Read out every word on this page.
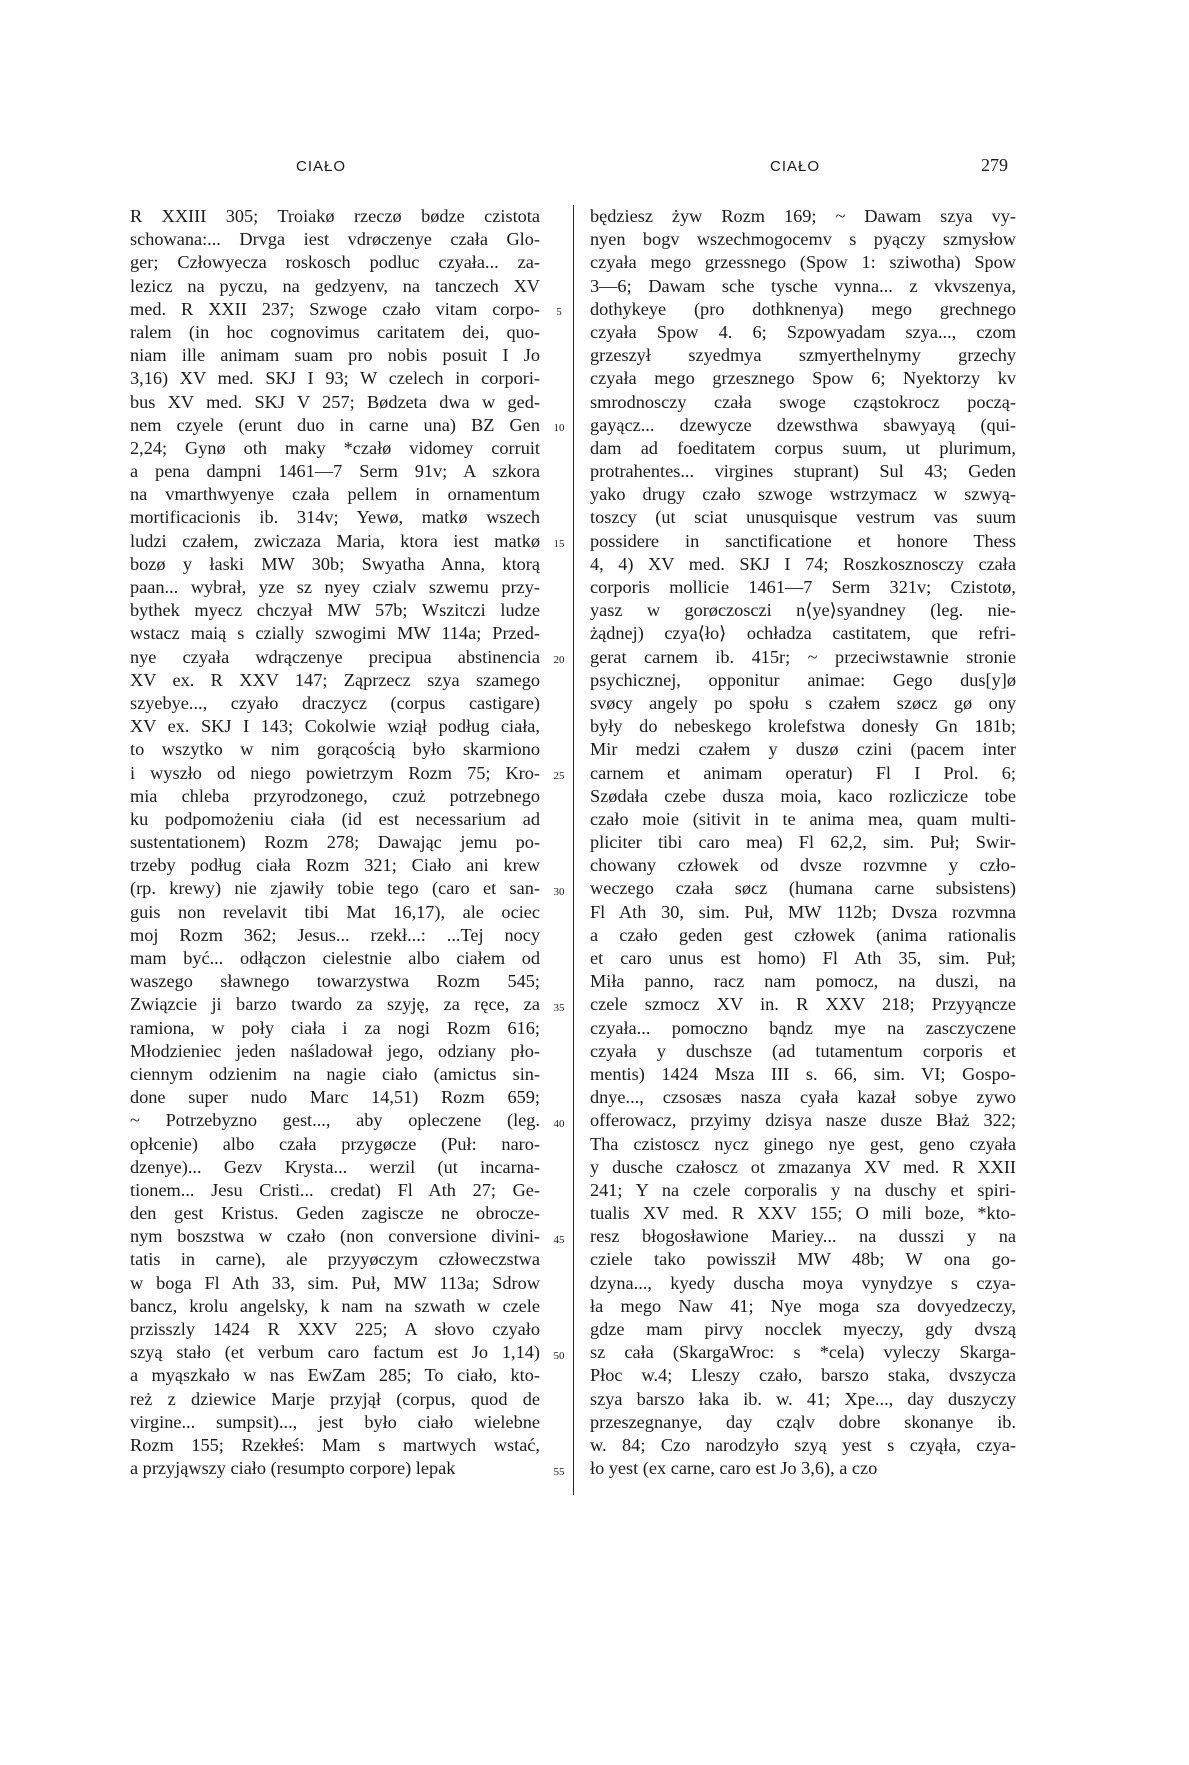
CIAŁO	CIAŁO	279
R XXIII 305; Troiakø rzeczø bødze czistota
schowana:... Drvga iest vdrøczenye czała Glo-
ger; Człowyecza roskosch podluc czyała... za-
lezicz na pyczu, na gedzyenv, na tanczech XV
med. R XXII 237; Szwoge czało vitam corpo-
ralem (in hoc cognovimus caritatem dei, quo-
niam ille animam suam pro nobis posuit I Jo
3,16) XV med. SKJ I 93; W czelech in corpori-
bus XV med. SKJ V 257; Bødzeta dwa w ged-
nem czyele (erunt duo in carne una) BZ Gen
2,24; Gynø oth maky *czałø vidomey corruit
a pena dampni 1461—7 Serm 91v; A szkora
na vmarthwyenye czała pellem in ornamentum
mortificacionis ib. 314v; Yewø, matkø wszech
ludzi czałem, zwiczaza Maria, ktora iest matkø
bozø y łaski MW 30b; Swyatha Anna, ktorą
paan... wybrał, yze sz nyey czialv szwemu przy-
bythek myecz chczyał MW 57b; Wszitczi ludze
wstacz maią s czially szwogimi MW 114a; Przed-
nye czyała wdrączenye precipua abstinencia
XV ex. R XXV 147; Ząprzecz szya szamego
szyebye..., czyało draczycz (corpus castigare)
XV ex. SKJ I 143; Cokolwie wziął podług ciała,
to wszytko w nim gorącością było skarmiono
i wyszło od niego powietrzym Rozm 75; Kro-
mia chleba przyrodzonego, czuż potrzebnego
ku podpomożeniu ciała (id est necessarium ad
sustentationem) Rozm 278; Dawając jemu po-
trzeby podług ciała Rozm 321; Ciało ani krew
(rp. krewy) nie zjawiły tobie tego (caro et san-
guis non revelavit tibi Mat 16,17), ale ociec
moj Rozm 362; Jesus... rzekł...: ...Tej nocy
mam być... odłączon cielestnie albo ciałem od
waszego sławnego towarzystwa Rozm 545;
Związcie ji barzo twardo za szyję, za ręce, za
ramiona, w poły ciała i za nogi Rozm 616;
Młodzieniec jeden naśladował jego, odziany pło-
ciennym odzienim na nagie ciało (amictus sin-
done super nudo Marc 14,51) Rozm 659;
~ Potrzebyzno gest..., aby opleczene (leg.
opłcenie) albo czała przygøcze (Puł: naro-
dzenye)... Gezv Krysta... werzil (ut incarna-
tionem... Jesu Cristi... credat) Fl Ath 27; Ge-
den gest Kristus. Geden zagiscze ne obrocze-
nym boszstwa w czało (non conversione divini-
tatis in carne), ale przyyøczym człoweczstwa
w boga Fl Ath 33, sim. Puł, MW 113a; Sdrow
bancz, krolu angelsky, k nam na szwath w czele
przisszly 1424 R XXV 225; A słovo czyało
szyą stało (et verbum caro factum est Jo 1,14)
a myąszkało w nas EwZam 285; To ciało, kto-
reż z dziewice Marje przyjął (corpus, quod de
virgine... sumpsit)..., jest było ciało wielebne
Rozm 155; Rzekłeś: Mam s martwych wstać,
a przyjąwszy ciało (resumpto corpore) lepak
5
10
15
20
25
30
35
40
45
50
55
będziesz żyw Rozm 169; ~ Dawam szya vy-
nyen bogv wszechmogocemv s pyączy szmysłow
czyała mego grzessnego (Spow 1: sziwotha) Spow
3—6; Dawam sche tysche vynna... z vkvszenya,
dothykeye (pro dothknenya) mego grechnego
czyała Spow 4. 6; Szpowyadam szya..., czom
grzeszył szyedmya szmyerthelnymy grzechy
czyała mego grzesznego Spow 6; Nyektorzy kv
smrodnosczy czała swoge cząstokrocz począ-
gayącz... dzewycze dzewsthwa sbawyayą (qui-
dam ad foeditatem corpus suum, ut plurimum,
protrahentes... virgines stuprant) Sul 43; Geden
yako drugy czało szwoge wstrzymacz w szwyą-
toszcy (ut sciat unusquisque vestrum vas suum
possidere in sanctificatione et honore Thess
4, 4) XV med. SKJ I 74; Roszkosznosczy czała
corporis mollicie 1461—7 Serm 321v; Czistotø,
yasz w gorøczosczi n⟨ye⟩syandney (leg. nie-
żądnej) czya⟨ło⟩ ochładza castitatem, que refri-
gerat carnem ib. 415r; ~ przeciwstawnie stronie
psychicznej, opponitur animae: Gego dus[y]ø
svøcy angely po społu s czałem szøcz gø ony
były do nebeskego krolefstwa donesły Gn 181b;
Mir medzi czałem y duszø czini (pacem inter
carnem et animam operatur) Fl I Prol. 6;
Szødała czebe dusza moia, kaco rozliczicze tobe
czało moie (sitivit in te anima mea, quam multi-
pliciter tibi caro mea) Fl 62,2, sim. Puł; Swir-
chowany człowek od dvsze rozvmne y czło-
weczego czała søcz (humana carne subsistens)
Fl Ath 30, sim. Puł, MW 112b; Dvsza rozvmna
a czało geden gest człowek (anima rationalis
et caro unus est homo) Fl Ath 35, sim. Puł;
Miła panno, racz nam pomocz, na duszi, na
czele szmocz XV in. R XXV 218; Przyyąncze
czyała... pomoczno bąndz mye na zasczyczene
czyała y duschsze (ad tutamentum corporis et
mentis) 1424 Msza III s. 66, sim. VI; Gospo-
dnye..., czsosæs nasza cyała kazał sobye zywo
offerowacz, przyimy dzisya nasze dusze Błaż 322;
Tha czistoscz nycz ginego nye gest, geno czyała
y dusche czałoscz ot zmazanya XV med. R XXII
241; Y na czele corporalis y na duschy et spiri-
tualis XV med. R XXV 155; O mili boze, *kto-
resz błogosławione Mariey... na dusszi y na
cziele tako powissził MW 48b; W ona go-
dzyna..., kyedy duscha moya vynydzye s czya-
ła mego Naw 41; Nye moga sza dovyedzeczy,
gdze mam pirvy nocclek myeczy, gdy dvszą
sz cała (SkargaWroc: s *cela) vyleczy Skarga-
Płoc w.4; Lleszy czało, barszo staka, dvszycza
szya barszo łaka ib. w. 41; Xpe..., day duszyczy
przeszegnanye, day cząlv dobre skonanye ib.
w. 84; Czo narodzyło szyą yest s czyąła, czya-
ło yest (ex carne, caro est Jo 3,6), a czo
